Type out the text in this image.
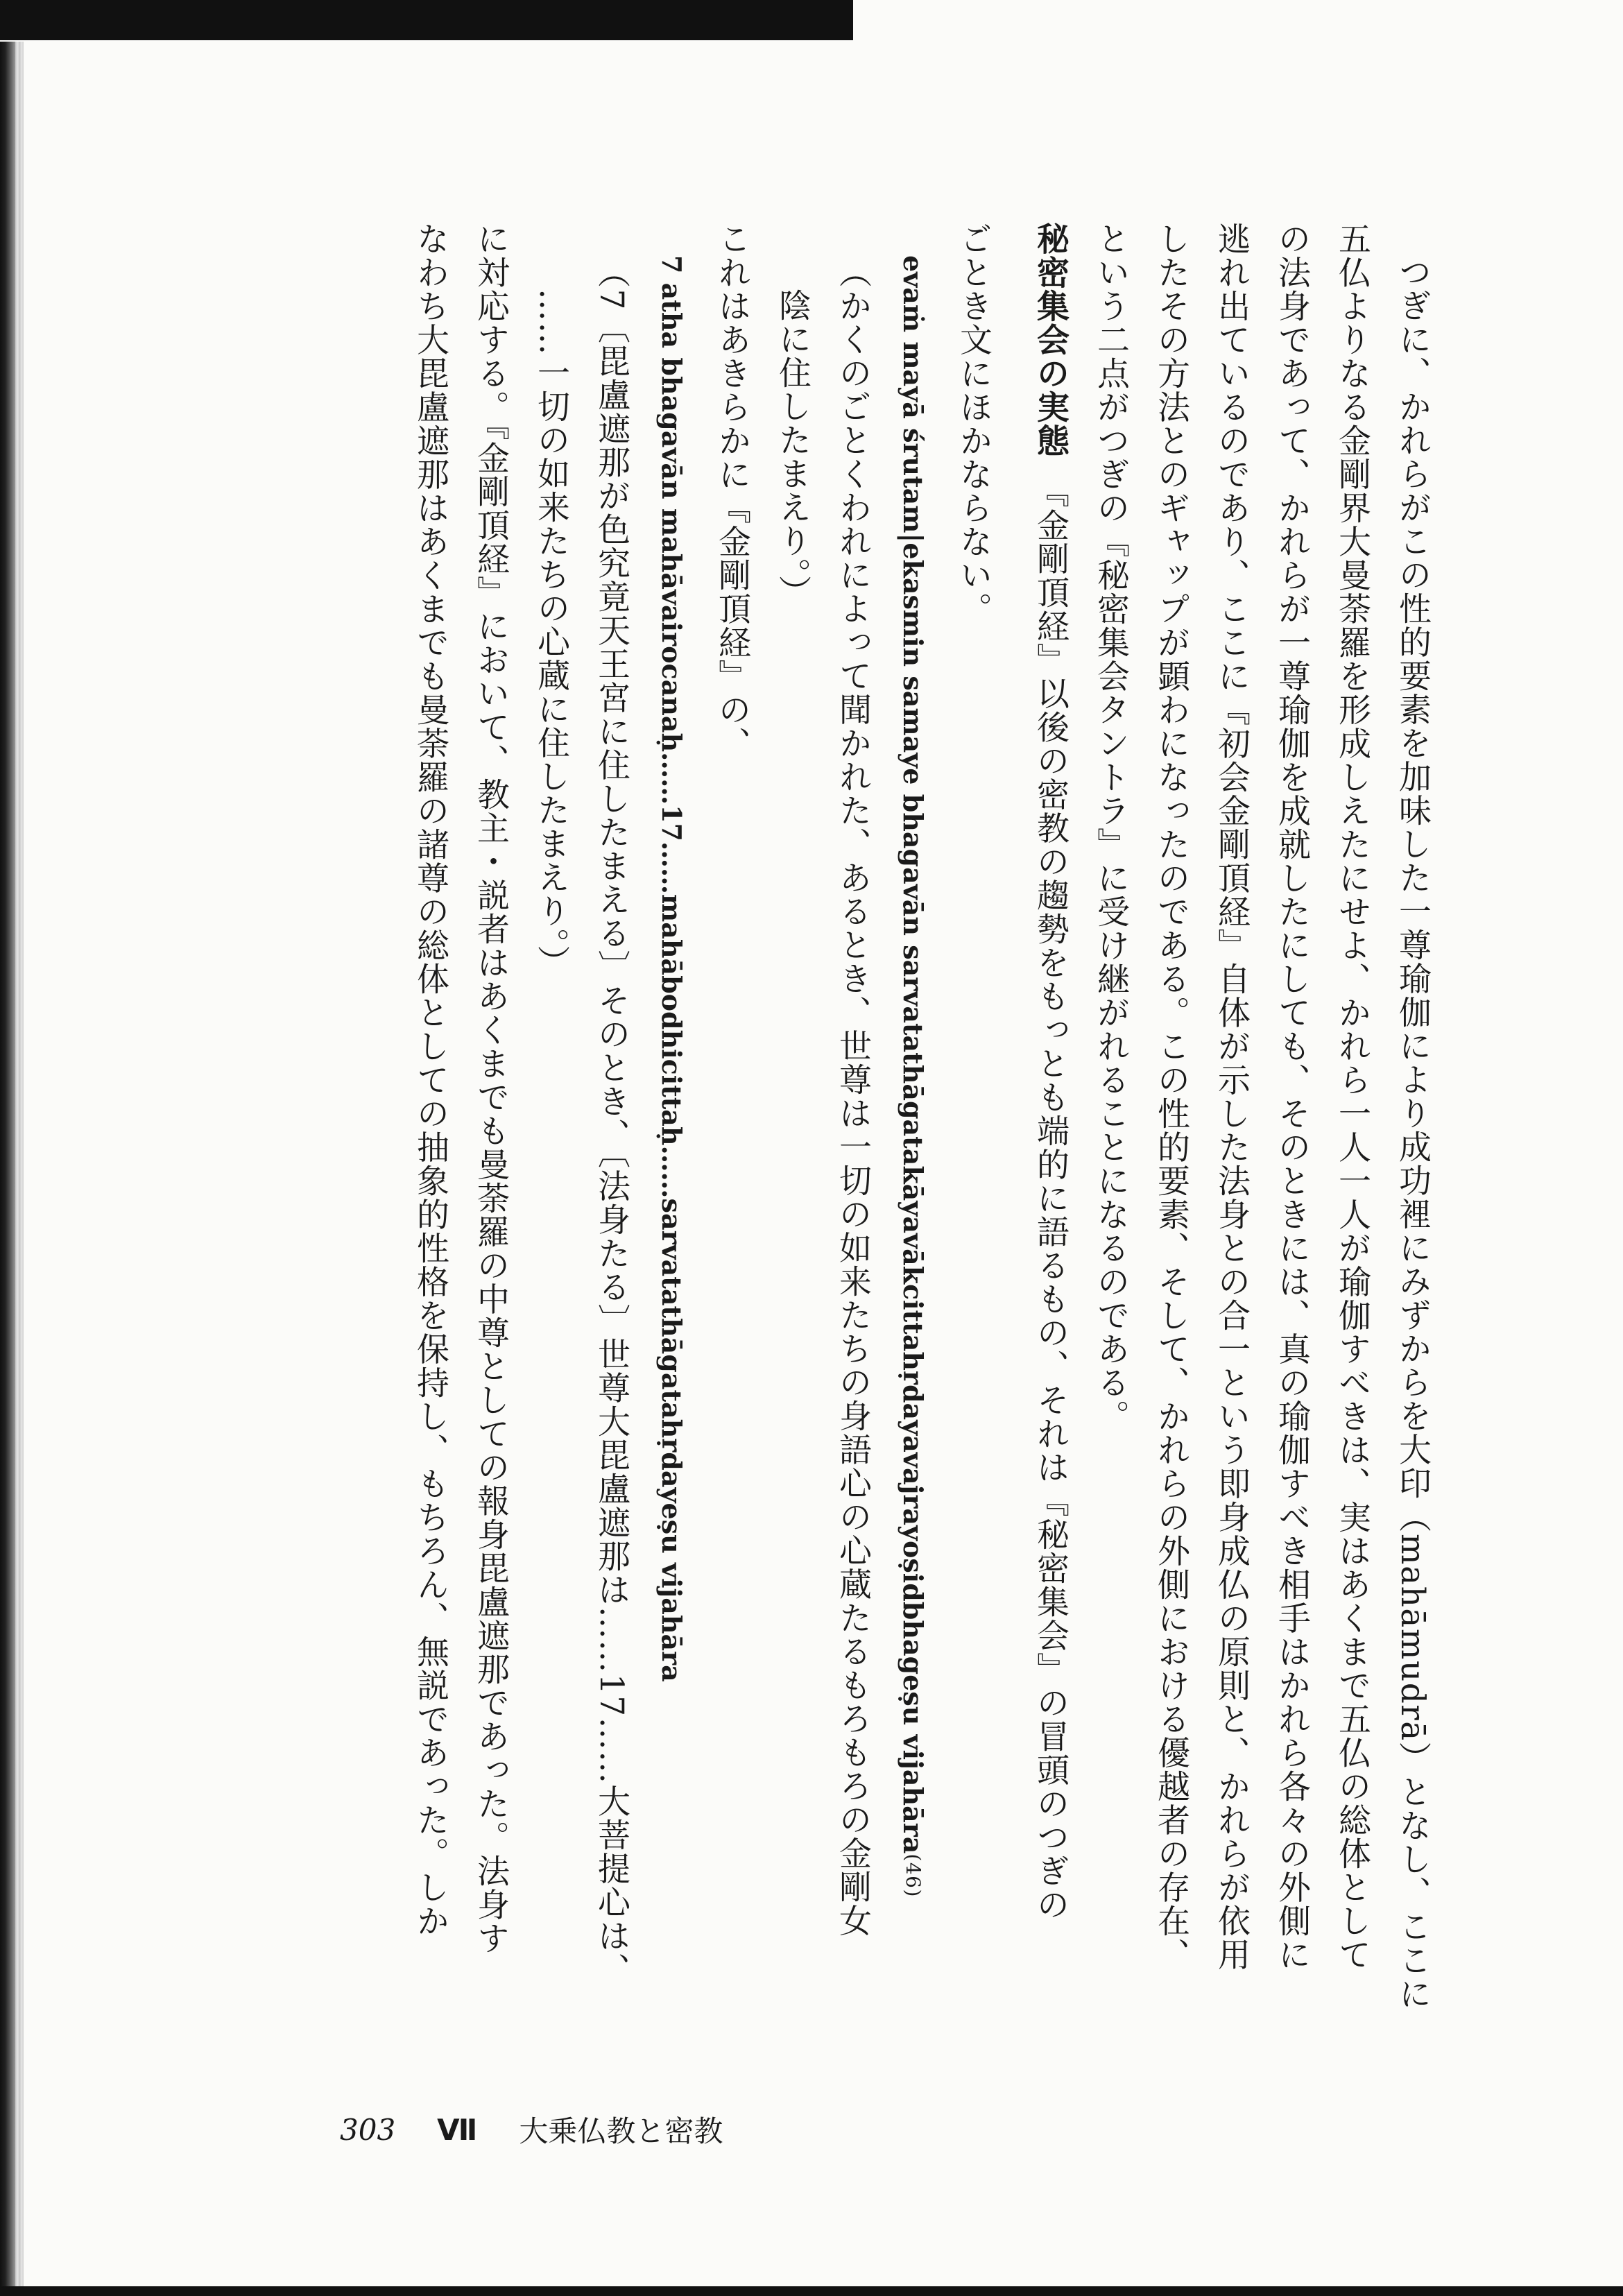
つぎに、かれらがこの性的要素を加味した一尊瑜伽により成功裡にみずからを大印（mahāmudrā）となし、ここに

五仏よりなる金剛界大曼荼羅を形成しえたにせよ、かれら一人一人が瑜伽すべきは、実はあくまで五仏の総体として

の法身であって、かれらが一尊瑜伽を成就したにしても、そのときには、真の瑜伽すべき相手はかれら各々の外側に

逃れ出ているのであり、ここに『初会金剛頂経』自体が示した法身との合一という即身成仏の原則と、かれらが依用

したその方法とのギャップが顕わになったのである。この性的要素、そして、かれらの外側における優越者の存在、

という二点がつぎの『秘密集会タントラ』に受け継がれることになるのである。

秘密集会の実態　『金剛頂経』以後の密教の趨勢をもっとも端的に語るもの、それは『秘密集会』の冒頭のつぎの

ごとき文にほかならない。

evaṁ mayā śrutam|ekasmin samaye bhagavān sarvatathāgatakāyavākcittahṛdayavajrayoṣidbhageṣu vijahāra(46)

（かくのごとくわれによって聞かれた、あるとき、世尊は一切の如来たちの身語心の心蔵たるもろもろの金剛女

陰に住したまえり。）

これはあきらかに『金剛頂経』の、

7 atha bhagavān mahāvairocanaḥ……17……mahābodhicittaḥ……sarvatathāgatahṛdayeṣu vijahāra

（7〔毘盧遮那が色究竟天王宮に住したまえる〕そのとき、〔法身たる〕世尊大毘盧遮那は……17……大菩提心は、

……一切の如来たちの心蔵に住したまえり。）

に対応する。『金剛頂経』において、教主・説者はあくまでも曼荼羅の中尊としての報身毘盧遮那であった。法身す

なわち大毘盧遮那はあくまでも曼荼羅の諸尊の総体としての抽象的性格を保持し、もちろん、無説であった。しか

303 Ⅶ 大乗仏教と密教
